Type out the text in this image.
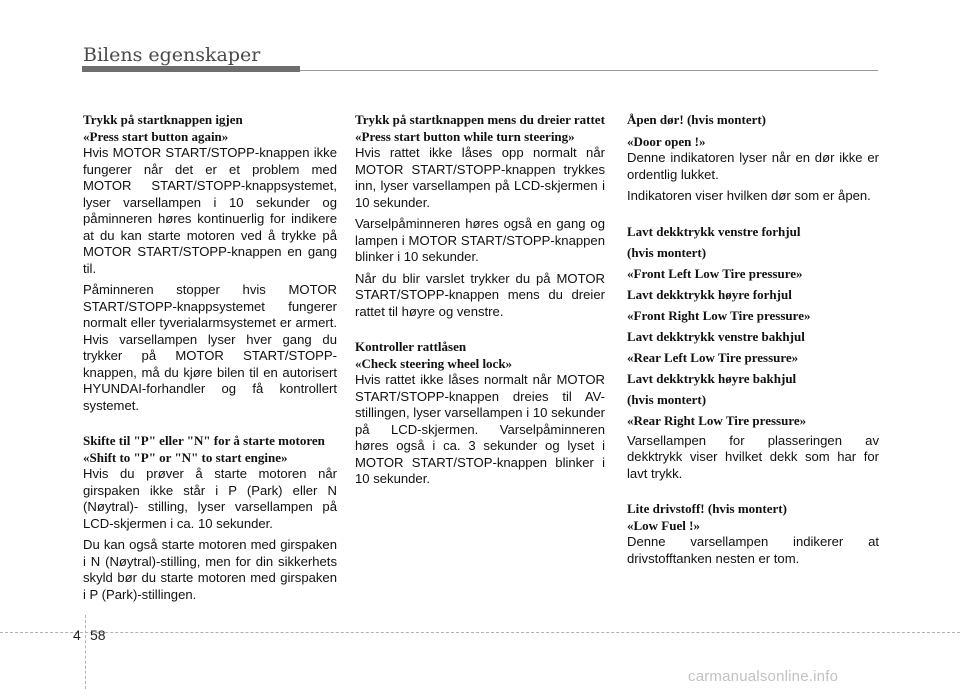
Bilens egenskaper
Trykk på startknappen igjen
«Press start button again»
Hvis MOTOR START/STOPP-knappen ikke fungerer når det er et problem med MOTOR START/STOPP-knappsystemet, lyser varsellampen i 10 sekunder og påminneren høres kontinuerlig for indikere at du kan starte motoren ved å trykke på MOTOR START/STOPP-knappen en gang til.
Påminneren stopper hvis MOTOR START/STOPP-knappsystemet fungerer normalt eller tyverialarmsystemet er armert. Hvis varsellampen lyser hver gang du trykker på MOTOR START/STOPP-knappen, må du kjøre bilen til en autorisert HYUNDAI-forhandler og få kontrollert systemet.
Skifte til "P" eller "N" for å starte motoren
«Shift to "P" or "N" to start engine»
Hvis du prøver å starte motoren når girspaken ikke står i P (Park) eller N (Nøytral)- stilling, lyser varsellampen på LCD-skjermen i ca. 10 sekunder.
Du kan også starte motoren med girspaken i N (Nøytral)-stilling, men for din sikkerhets skyld bør du starte motoren med girspaken i P (Park)-stillingen.
Trykk på startknappen mens du dreier rattet
«Press start button while turn steering»
Hvis rattet ikke låses opp normalt når MOTOR START/STOPP-knappen trykkes inn, lyser varsellampen på LCD-skjermen i 10 sekunder.
Varselpåminneren høres også en gang og lampen i MOTOR START/STOPP-knappen blinker i 10 sekunder.
Når du blir varslet trykker du på MOTOR START/STOPP-knappen mens du dreier rattet til høyre og venstre.
Kontroller rattlåsen
«Check steering wheel lock»
Hvis rattet ikke låses normalt når MOTOR START/STOPP-knappen dreies til AV-stillingen, lyser varsellampen i 10 sekunder på LCD-skjermen. Varselpåminneren høres også i ca. 3 sekunder og lyset i MOTOR START/STOP-knappen blinker i 10 sekunder.
Åpen dør! (hvis montert)
«Door open !»
Denne indikatoren lyser når en dør ikke er ordentlig lukket.
Indikatoren viser hvilken dør som er åpen.
Lavt dekktrykk venstre forhjul
(hvis montert)
«Front Left Low Tire pressure»
Lavt dekktrykk høyre forhjul
«Front Right Low Tire pressure»
Lavt dekktrykk venstre bakhjul
«Rear Left Low Tire pressure»
Lavt dekktrykk høyre bakhjul
(hvis montert)
«Rear Right Low Tire pressure»
Varsellampen for plasseringen av dekktrykk viser hvilket dekk som har for lavt trykk.
Lite drivstoff! (hvis montert)
«Low Fuel !»
Denne varsellampen indikerer at drivstofftanken nesten er tom.
4 58
carmanualsonline.info
